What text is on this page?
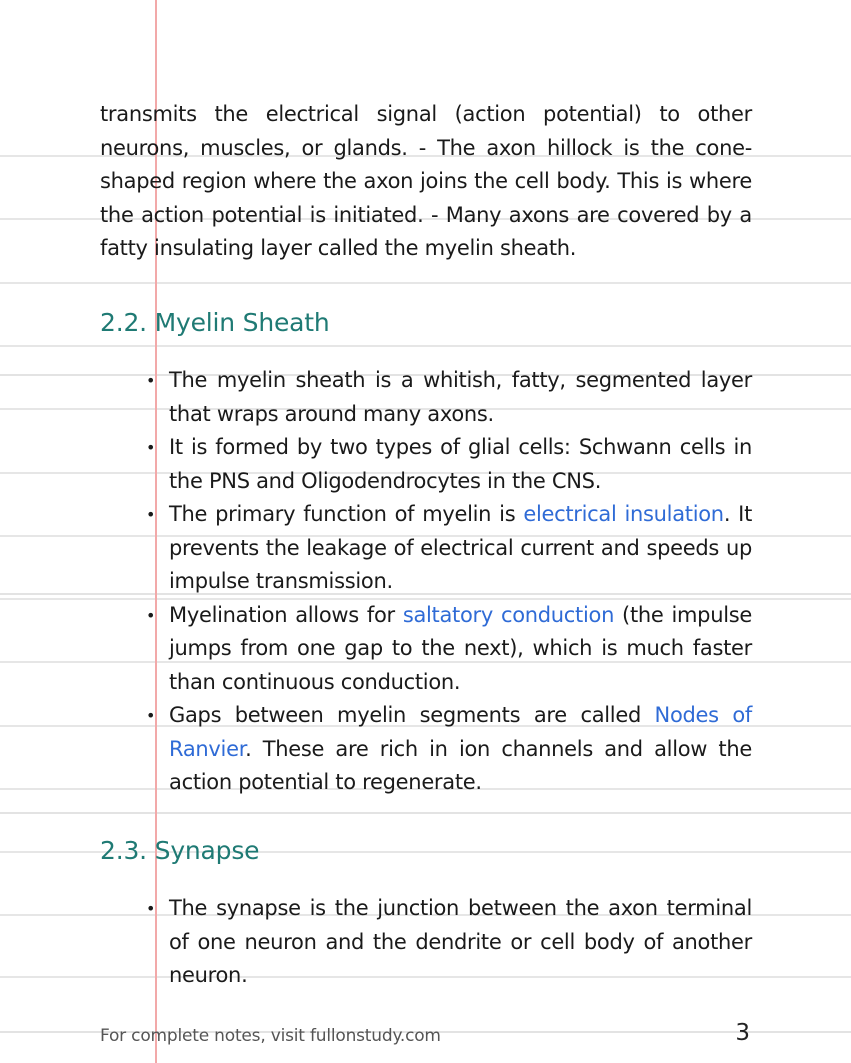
transmits the electrical signal (action potential) to other neurons, muscles, or glands. - The axon hillock is the cone-shaped region where the axon joins the cell body. This is where the action potential is initiated. - Many axons are covered by a fatty insulating layer called the myelin sheath.

2.2. Myelin Sheath
• The myelin sheath is a whitish, fatty, segmented layer that wraps around many axons.
• It is formed by two types of glial cells: Schwann cells in the PNS and Oligodendrocytes in the CNS.
• The primary function of myelin is electrical insulation. It prevents the leakage of electrical current and speeds up impulse transmission.
• Myelination allows for saltatory conduction (the impulse jumps from one gap to the next), which is much faster than continuous conduction.
• Gaps between myelin segments are called Nodes of Ranvier. These are rich in ion channels and allow the action potential to regenerate.
2.3. Synapse
• The synapse is the junction between the axon terminal of one neuron and the dendrite or cell body of another neuron.
For complete notes, visit fullonstudy.com	3
